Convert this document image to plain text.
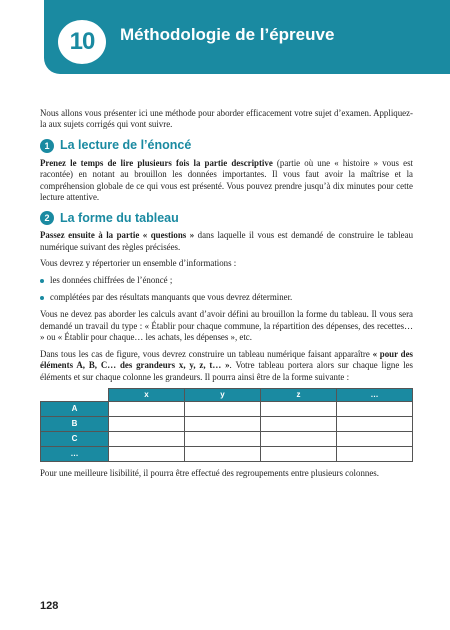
10	Méthodologie de l’épreuve

Nous allons vous présenter ici une méthode pour aborder efficacement votre sujet d’examen. Appliquez-la aux sujets corrigés qui vont suivre.

1 La lecture de l’énoncé

Prenez le temps de lire plusieurs fois la partie descriptive (partie où une « histoire » vous est racontée) en notant au brouillon les données importantes. Il vous faut avoir la maîtrise et la compréhension globale de ce qui vous est présenté. Vous pouvez prendre jusqu’à dix minutes pour cette lecture attentive.

2 La forme du tableau

Passez ensuite à la partie « questions » dans laquelle il vous est demandé de construire le tableau numérique suivant des règles précisées.

Vous devrez y répertorier un ensemble d’informations :

les données chiffrées de l’énoncé ;
complétées par des résultats manquants que vous devrez déterminer.

Vous ne devez pas aborder les calculs avant d’avoir défini au brouillon la forme du tableau. Il vous sera demandé un travail du type : « Établir pour chaque commune, la répartition des dépenses, des recettes… » ou « Établir pour chaque… les achats, les dépenses », etc.

Dans tous les cas de figure, vous devrez construire un tableau numérique faisant apparaître « pour des éléments A, B, C… des grandeurs x, y, z, t… ». Votre tableau portera alors sur chaque ligne les éléments et sur chaque colonne les grandeurs. Il pourra ainsi être de la forme suivante :

	x	y	z	…
A				
B				
C				
…				

Pour une meilleure lisibilité, il pourra être effectué des regroupements entre plusieurs colonnes.

128
